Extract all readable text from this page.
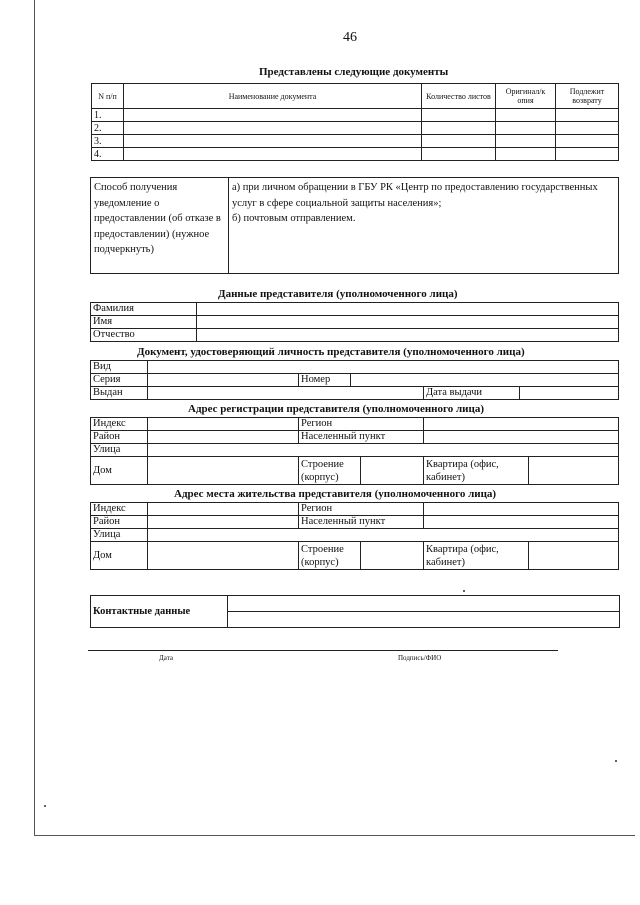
46
Представлены следующие документы
N п/п	Наименование документа	Количество листов	Оригинал/к опия	Подлежит возврату
1.				
2.				
3.				
4.				
Способ получения уведомление о предоставлении (об отказе в предоставлении) (нужное подчеркнуть)	
а) при личном обращении в ГБУ РК «Центр по предоставлению государственных услуг в сфере социальной защиты населения»;
б) почтовым отправлением.
Данные представителя (уполномоченного лица)
Фамилия	
Имя	
Отчество	
Документ, удостоверяющий личность представителя (уполномоченного лица)
Вид					
Серия		Номер			
Выдан				Дата выдачи	
Адрес регистрации представителя (уполномоченного лица)
Индекс		Регион			
Район		Населенный пункт			
Улица					
Дом		Строение (корпус)		Квартира (офис, кабинет)	
Адрес места жительства представителя (уполномоченного лица)
Индекс		Регион			
Район		Населенный пункт			
Улица					
Дом		Строение (корпус)		Квартира (офис, кабинет)	
Контактные данные	

Дата	Подпись/ФИО
